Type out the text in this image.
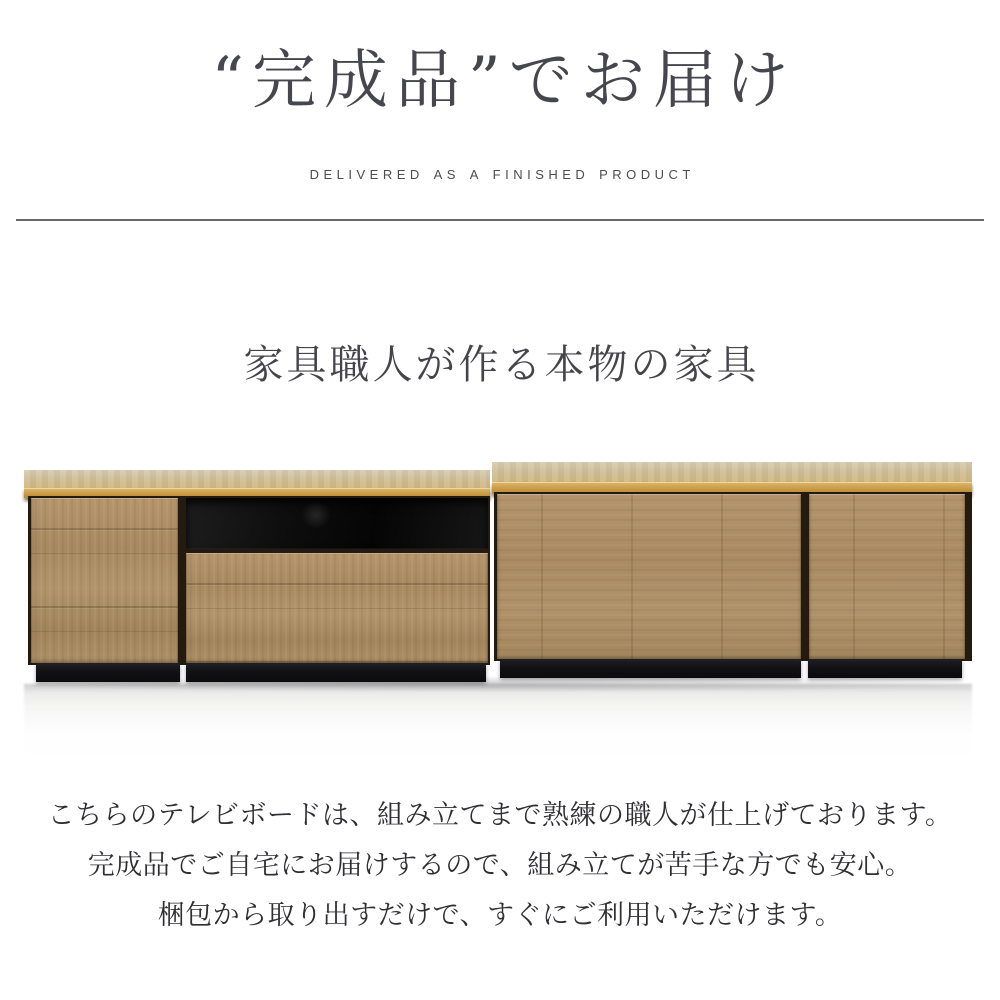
“完成品”でお届け
delivered as a finished product
家具職人が作る本物の家具

こちらのテレビボードは、組み立てまで熟練の職人が仕上げております。

完成品でご自宅にお届けするので、組み立てが苦手な方でも安心。

梱包から取り出すだけで、すぐにご利用いただけます。
